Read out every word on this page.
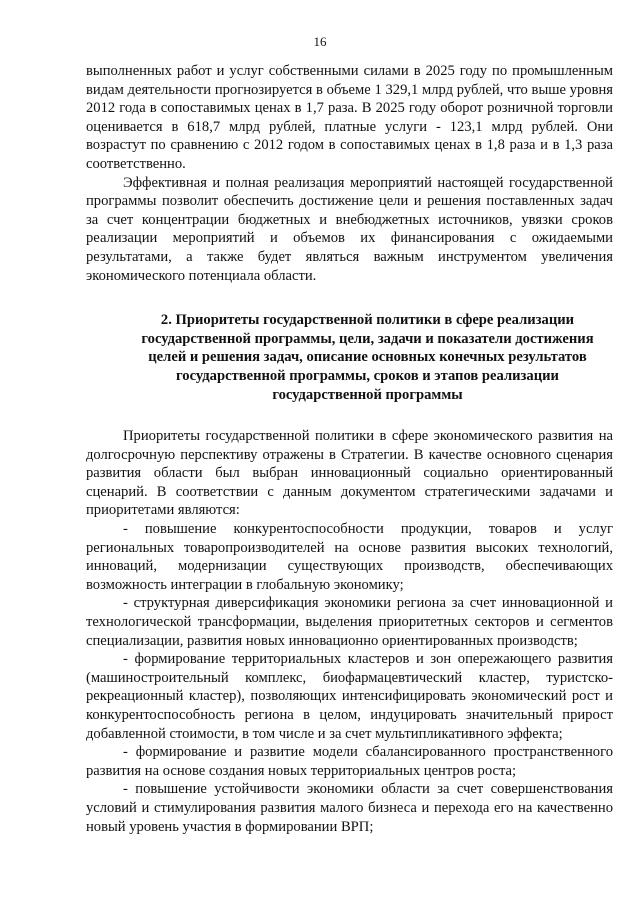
16

выполненных работ и услуг собственными силами в 2025 году по промышленным видам деятельности прогнозируется в объеме 1 329,1 млрд рублей, что выше уровня 2012 года в сопоставимых ценах в 1,7 раза. В 2025 году оборот розничной торговли оценивается в 618,7 млрд рублей, платные услуги - 123,1 млрд рублей. Они возрастут по сравнению с 2012 годом в сопоставимых ценах в 1,8 раза и в 1,3 раза соответственно.

Эффективная и полная реализация мероприятий настоящей государственной программы позволит обеспечить достижение цели и решения поставленных задач за счет концентрации бюджетных и внебюджетных источников, увязки сроков реализации мероприятий и объемов их финансирования с ожидаемыми результатами, а также будет являться важным инструментом увеличения экономического потенциала области.

2. Приоритеты государственной политики в сфере реализации государственной программы, цели, задачи и показатели достижения целей и решения задач, описание основных конечных результатов государственной программы, сроков и этапов реализации государственной программы

Приоритеты государственной политики в сфере экономического развития на долгосрочную перспективу отражены в Стратегии. В качестве основного сценария развития области был выбран инновационный социально ориентированный сценарий. В соответствии с данным документом стратегическими задачами и приоритетами являются:

- повышение конкурентоспособности продукции, товаров и услуг региональных товаропроизводителей на основе развития высоких технологий, инноваций, модернизации существующих производств, обеспечивающих возможность интеграции в глобальную экономику;

- структурная диверсификация экономики региона за счет инновационной и технологической трансформации, выделения приоритетных секторов и сегментов специализации, развития новых инновационно ориентированных производств;

- формирование территориальных кластеров и зон опережающего развития (машиностроительный комплекс, биофармацевтический кластер, туристско-рекреационный кластер), позволяющих интенсифицировать экономический рост и конкурентоспособность региона в целом, индуцировать значительный прирост добавленной стоимости, в том числе и за счет мультипликативного эффекта;

- формирование и развитие модели сбалансированного пространственного развития на основе создания новых территориальных центров роста;

- повышение устойчивости экономики области за счет совершенствования условий и стимулирования развития малого бизнеса и перехода его на качественно новый уровень участия в формировании ВРП;
